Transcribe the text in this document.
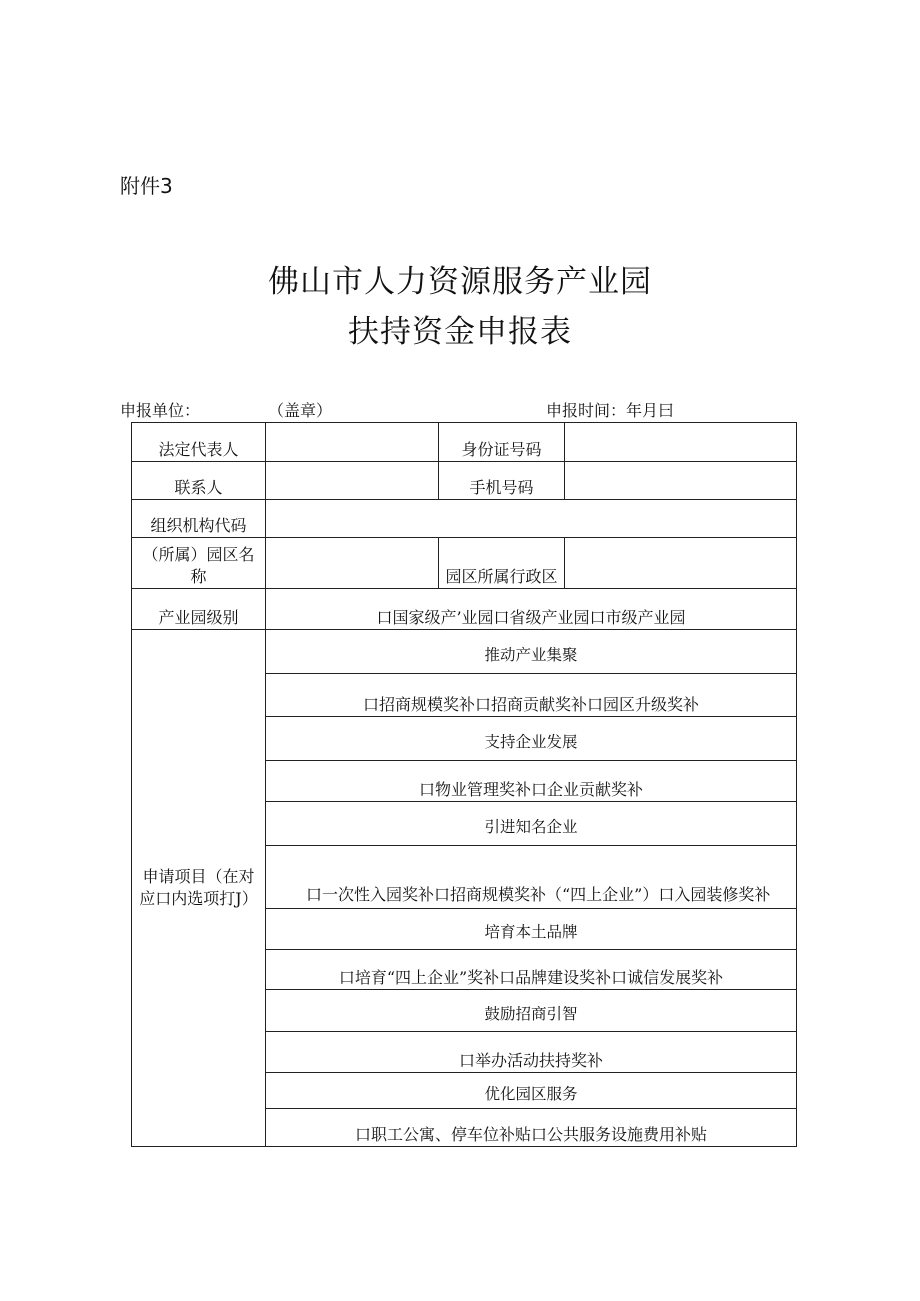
附件3
佛山市人力资源服务产业园
扶持资金申报表
申报单位：	（盖章）	申报时间：年月曰
法定代表人		身份证号码	
联系人		手机号码	
组织机构代码			
（所属）园区名称		园区所属行政区	
产业园级别	口国家级产’业园口省级产业园口市级产业园		
申请项目（在对应口内选项打J）	推动产业集聚		
	口招商规模奖补口招商贡献奖补口园区升级奖补		
	支持企业发展		
	口物业管理奖补口企业贡献奖补		
	引进知名企业		
	口一次性入园奖补口招商规模奖补（“四上企业”）口入园装修奖补		
	培育本土品牌		
	口培育“四上企业”奖补口品牌建设奖补口诚信发展奖补		
	鼓励招商引智		
	口举办活动扶持奖补		
	优化园区服务		
	口职工公寓、停车位补贴口公共服务设施费用补贴		
